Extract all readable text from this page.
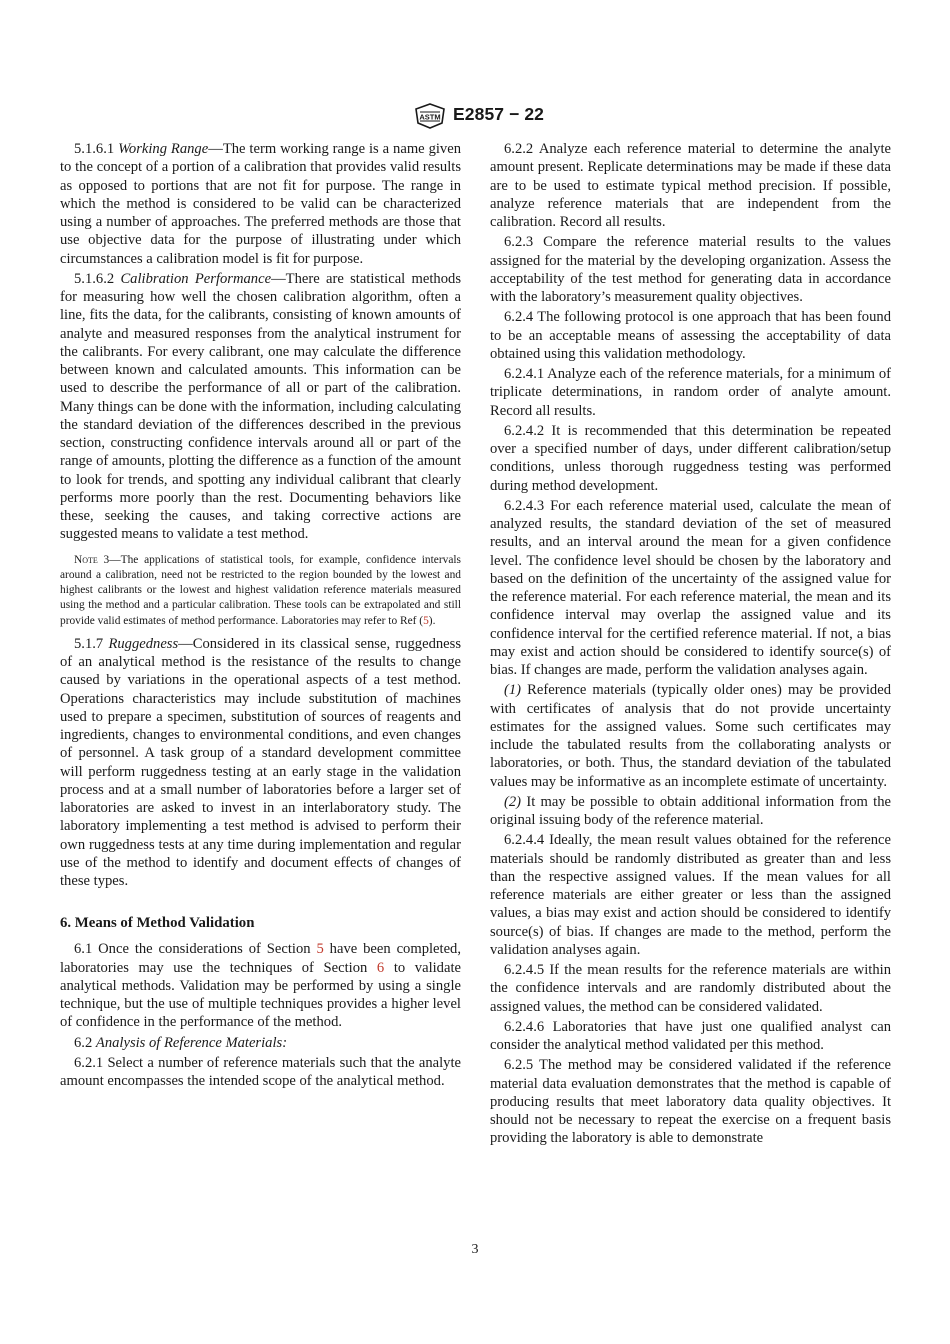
ASTM E2857 − 22

5.1.6.1 Working Range—The term working range is a name given to the concept of a portion of a calibration that provides valid results as opposed to portions that are not fit for purpose. The range in which the method is considered to be valid can be characterized using a number of approaches. The preferred methods are those that use objective data for the purpose of illustrating under which circumstances a calibration model is fit for purpose.

5.1.6.2 Calibration Performance—There are statistical methods for measuring how well the chosen calibration algorithm, often a line, fits the data, for the calibrants, consisting of known amounts of analyte and measured responses from the analytical instrument for the calibrants. For every calibrant, one may calculate the difference between known and calculated amounts. This information can be used to describe the performance of all or part of the calibration. Many things can be done with the information, including calculating the standard deviation of the differences described in the previous section, constructing confidence intervals around all or part of the range of amounts, plotting the difference as a function of the amount to look for trends, and spotting any individual calibrant that clearly performs more poorly than the rest. Documenting behaviors like these, seeking the causes, and taking corrective actions are suggested means to validate a test method.

Note 3—The applications of statistical tools, for example, confidence intervals around a calibration, need not be restricted to the region bounded by the lowest and highest calibrants or the lowest and highest validation reference materials measured using the method and a particular calibration. These tools can be extrapolated and still provide valid estimates of method performance. Laboratories may refer to Ref (5).

5.1.7 Ruggedness—Considered in its classical sense, ruggedness of an analytical method is the resistance of the results to change caused by variations in the operational aspects of a test method. Operations characteristics may include substitution of machines used to prepare a specimen, substitution of sources of reagents and ingredients, changes to environmental conditions, and even changes of personnel. A task group of a standard development committee will perform ruggedness testing at an early stage in the validation process and at a small number of laboratories before a larger set of laboratories are asked to invest in an interlaboratory study. The laboratory implementing a test method is advised to perform their own ruggedness tests at any time during implementation and regular use of the method to identify and document effects of changes of these types.

6. Means of Method Validation

6.1 Once the considerations of Section 5 have been completed, laboratories may use the techniques of Section 6 to validate analytical methods. Validation may be performed by using a single technique, but the use of multiple techniques provides a higher level of confidence in the performance of the method.

6.2 Analysis of Reference Materials:

6.2.1 Select a number of reference materials such that the analyte amount encompasses the intended scope of the analytical method.

6.2.2 Analyze each reference material to determine the analyte amount present. Replicate determinations may be made if these data are to be used to estimate typical method precision. If possible, analyze reference materials that are independent from the calibration. Record all results.

6.2.3 Compare the reference material results to the values assigned for the material by the developing organization. Assess the acceptability of the test method for generating data in accordance with the laboratory’s measurement quality objectives.

6.2.4 The following protocol is one approach that has been found to be an acceptable means of assessing the acceptability of data obtained using this validation methodology.

6.2.4.1 Analyze each of the reference materials, for a minimum of triplicate determinations, in random order of analyte amount. Record all results.

6.2.4.2 It is recommended that this determination be repeated over a specified number of days, under different calibration/setup conditions, unless thorough ruggedness testing was performed during method development.

6.2.4.3 For each reference material used, calculate the mean of analyzed results, the standard deviation of the set of measured results, and an interval around the mean for a given confidence level. The confidence level should be chosen by the laboratory and based on the definition of the uncertainty of the assigned value for the reference material. For each reference material, the mean and its confidence interval may overlap the assigned value and its confidence interval for the certified reference material. If not, a bias may exist and action should be considered to identify source(s) of bias. If changes are made, perform the validation analyses again.

(1) Reference materials (typically older ones) may be provided with certificates of analysis that do not provide uncertainty estimates for the assigned values. Some such certificates may include the tabulated results from the collaborating analysts or laboratories, or both. Thus, the standard deviation of the tabulated values may be informative as an incomplete estimate of uncertainty.

(2) It may be possible to obtain additional information from the original issuing body of the reference material.

6.2.4.4 Ideally, the mean result values obtained for the reference materials should be randomly distributed as greater than and less than the respective assigned values. If the mean values for all reference materials are either greater or less than the assigned values, a bias may exist and action should be considered to identify source(s) of bias. If changes are made to the method, perform the validation analyses again.

6.2.4.5 If the mean results for the reference materials are within the confidence intervals and are randomly distributed about the assigned values, the method can be considered validated.

6.2.4.6 Laboratories that have just one qualified analyst can consider the analytical method validated per this method.

6.2.5 The method may be considered validated if the reference material data evaluation demonstrates that the method is capable of producing results that meet laboratory data quality objectives. It should not be necessary to repeat the exercise on a frequent basis providing the laboratory is able to demonstrate

3
